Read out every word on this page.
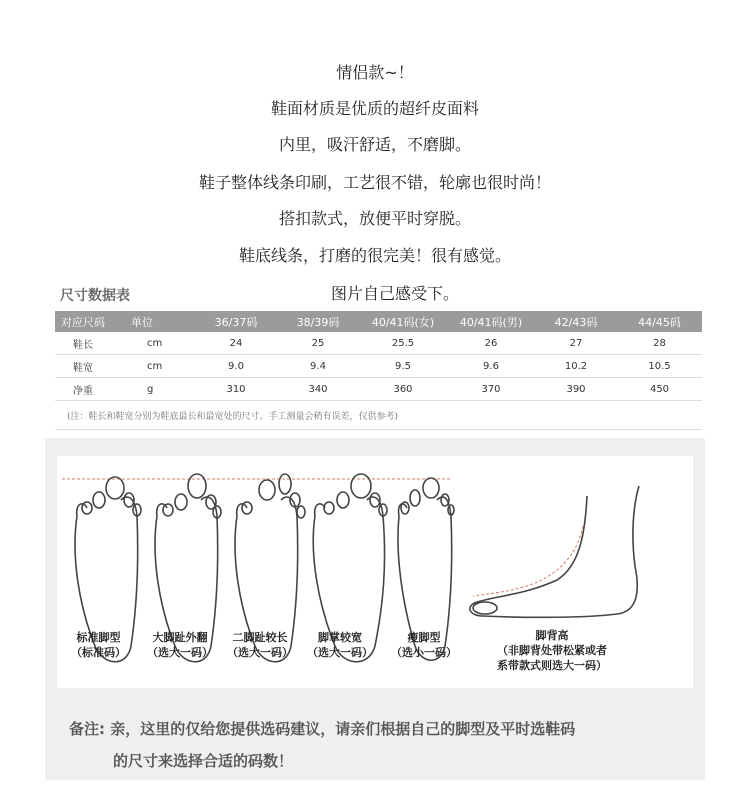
情侣款~！
鞋面材质是优质的超纤皮面料
内里，吸汗舒适，不磨脚。
鞋子整体线条印刷，工艺很不错，轮廓也很时尚！
搭扣款式，放便平时穿脱。
鞋底线条，打磨的很完美！很有感觉。
图片自己感受下。
尺寸数据表
对应尺码	单位	36/37码	38/39码	40/41码(女)	40/41码(男)	42/43码	44/45码
鞋长	cm	24	25	25.5	26	27	28
鞋宽	cm	9.0	9.4	9.5	9.6	10.2	10.5
净重	g	310	340	360	370	390	450
(注：鞋长和鞋宽分别为鞋底最长和最宽处的尺寸。手工测量会稍有误差，仅供参考)
标准脚型
（标准码）
大脚趾外翻
（选大一码）
二脚趾较长
（选大一码）
脚掌较宽
（选大一码）
瘦脚型
（选小一码）
脚背高
（非脚背处带松紧或者
系带款式则选大一码）
备注: 亲，这里的仅给您提供选码建议，请亲们根据自己的脚型及平时选鞋码
的尺寸来选择合适的码数！
